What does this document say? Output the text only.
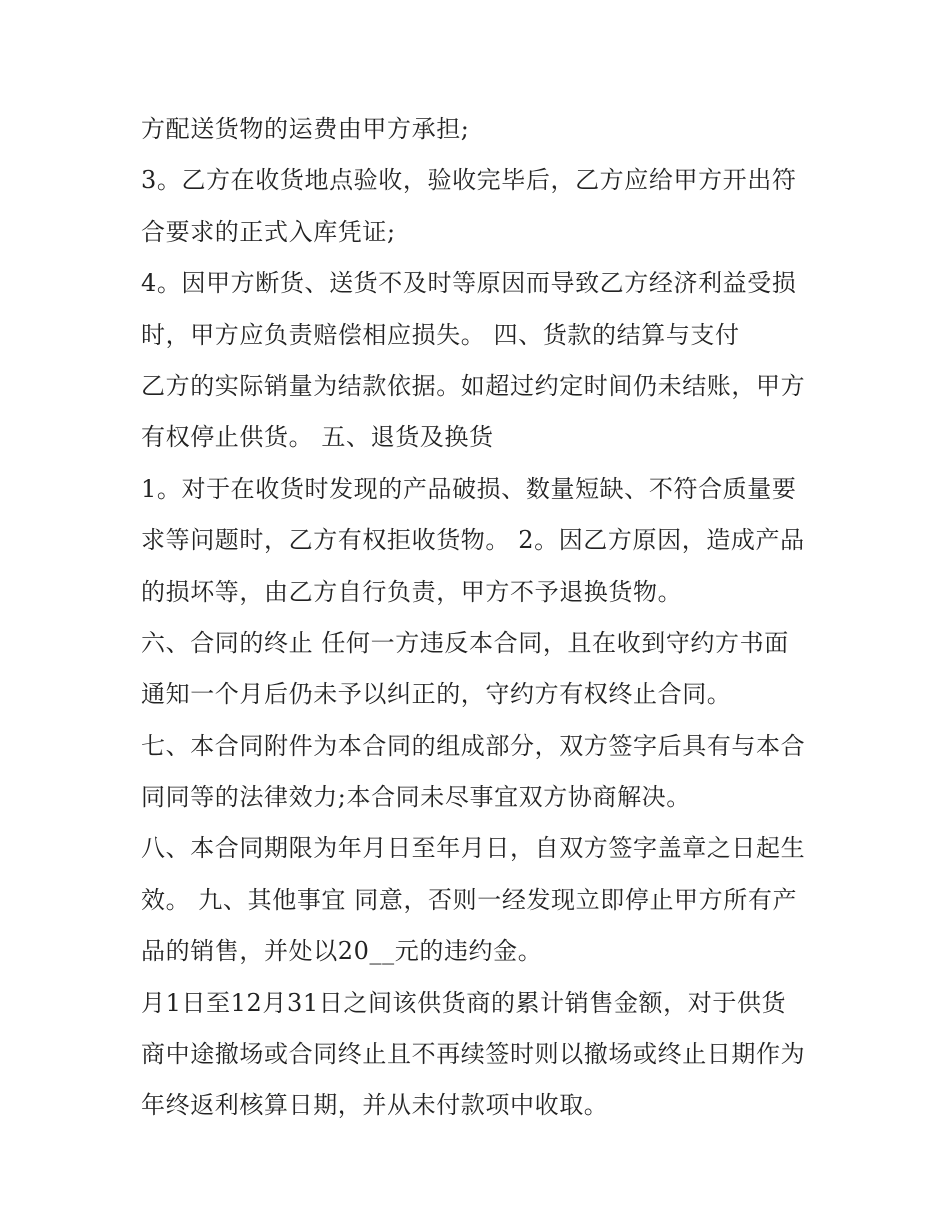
方配送货物的运费由甲方承担;
3。乙方在收货地点验收，验收完毕后，乙方应给甲方开出符
合要求的正式入库凭证;
4。因甲方断货、送货不及时等原因而导致乙方经济利益受损
时，甲方应负责赔偿相应损失。 四、货款的结算与支付
乙方的实际销量为结款依据。如超过约定时间仍未结账，甲方
有权停止供货。 五、退货及换货
1。对于在收货时发现的产品破损、数量短缺、不符合质量要
求等问题时，乙方有权拒收货物。 2。因乙方原因，造成产品
的损坏等，由乙方自行负责，甲方不予退换货物。
六、合同的终止 任何一方违反本合同，且在收到守约方书面
通知一个月后仍未予以纠正的，守约方有权终止合同。
七、本合同附件为本合同的组成部分，双方签字后具有与本合
同同等的法律效力;本合同未尽事宜双方协商解决。
八、本合同期限为年月日至年月日，自双方签字盖章之日起生
效。 九、其他事宜 同意，否则一经发现立即停止甲方所有产
品的销售，并处以20__元的违约金。
月1日至12月31日之间该供货商的累计销售金额，对于供货
商中途撤场或合同终止且不再续签时则以撤场或终止日期作为
年终返利核算日期，并从未付款项中收取。
